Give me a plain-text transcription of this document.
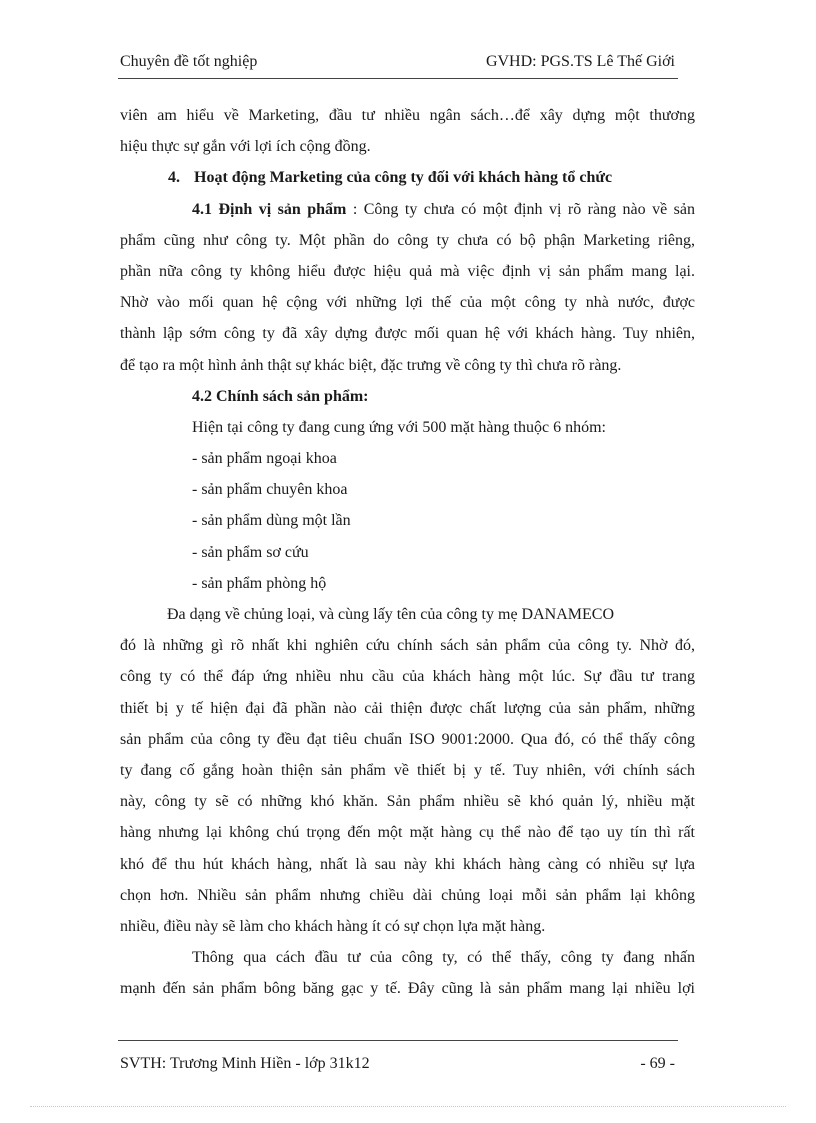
Chuyên đề tốt nghiệp	GVHD: PGS.TS Lê Thế Giới
viên am hiểu về Marketing, đầu tư nhiều ngân sách…để xây dựng một thương
hiệu thực sự gắn với lợi ích cộng đồng.
4. Hoạt động Marketing của công ty đối với khách hàng tổ chức
4.1 Định vị sản phẩm : Công ty chưa có một định vị rõ ràng nào về sản
phẩm cũng như công ty. Một phần do công ty chưa có bộ phận Marketing riêng,
phần nữa công ty không hiểu được hiệu quả mà việc định vị sản phẩm mang lại.
Nhờ vào mối quan hệ cộng với những lợi thế của một công ty nhà nước, được
thành lập sớm công ty đã xây dựng được mối quan hệ với khách hàng. Tuy nhiên,
để tạo ra một hình ảnh thật sự khác biệt, đặc trưng về công ty thì chưa rõ ràng.
4.2 Chính sách sản phẩm:
Hiện tại công ty đang cung ứng với 500 mặt hàng thuộc 6 nhóm:
- sản phẩm ngoại khoa
- sản phẩm chuyên khoa
- sản phẩm dùng một lần
- sản phẩm sơ cứu
- sản phẩm phòng hộ
Đa dạng về chủng loại, và cùng lấy tên của công ty mẹ DANAMECO
đó là những gì rõ nhất khi nghiên cứu chính sách sản phẩm của công ty. Nhờ đó,
công ty có thể đáp ứng nhiều nhu cầu của khách hàng một lúc. Sự đầu tư trang
thiết bị y tế hiện đại đã phần nào cải thiện được chất lượng của sản phẩm, những
sản phẩm của công ty đều đạt tiêu chuẩn ISO 9001:2000. Qua đó, có thể thấy công
ty đang cố gắng hoàn thiện sản phẩm về thiết bị y tế. Tuy nhiên, với chính sách
này, công ty sẽ có những khó khăn. Sản phẩm nhiều sẽ khó quản lý, nhiều mặt
hàng nhưng lại không chú trọng đến một mặt hàng cụ thể nào để tạo uy tín thì rất
khó để thu hút khách hàng, nhất là sau này khi khách hàng càng có nhiều sự lựa
chọn hơn. Nhiều sản phẩm nhưng chiều dài chủng loại mỗi sản phẩm lại không
nhiều, điều này sẽ làm cho khách hàng ít có sự chọn lựa mặt hàng.
Thông qua cách đầu tư của công ty, có thể thấy, công ty đang nhấn
mạnh đến sản phẩm bông băng gạc y tế. Đây cũng là sản phẩm mang lại nhiều lợi
SVTH: Trương Minh Hiền - lớp 31k12	- 69 -
